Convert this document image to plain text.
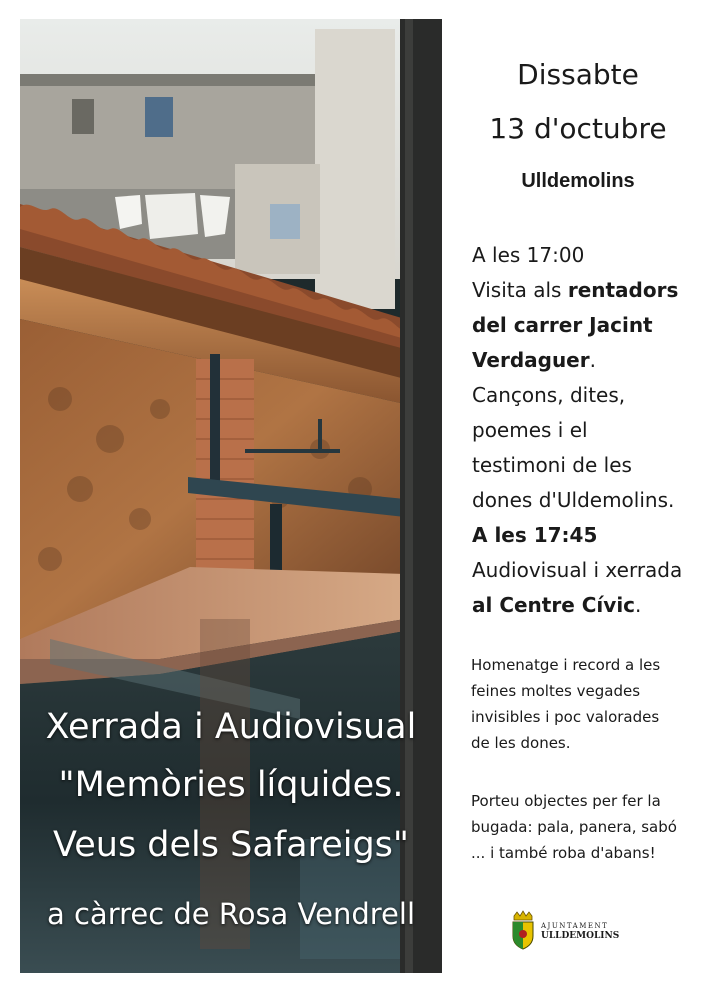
Xerrada i Audiovisual
"Memòries líquides.
Veus dels Safareigs"
a càrrec de Rosa Vendrell
Dissabte
13 d'octubre
Ulldemolins
A les 17:00
Visita als rentadors
del carrer Jacint
Verdaguer.
Cançons, dites,
poemes i el
testimoni de les
dones d'Uldemolins.
A les 17:45
Audiovisual i xerrada
al Centre Cívic.
Homenatge i record a les
feines moltes vegades
invisibles i poc valorades
de les dones.
Porteu objectes per fer la
bugada: pala, panera, sabó
... i també roba d'abans!
AJUNTAMENT
ULLDEMOLINS
